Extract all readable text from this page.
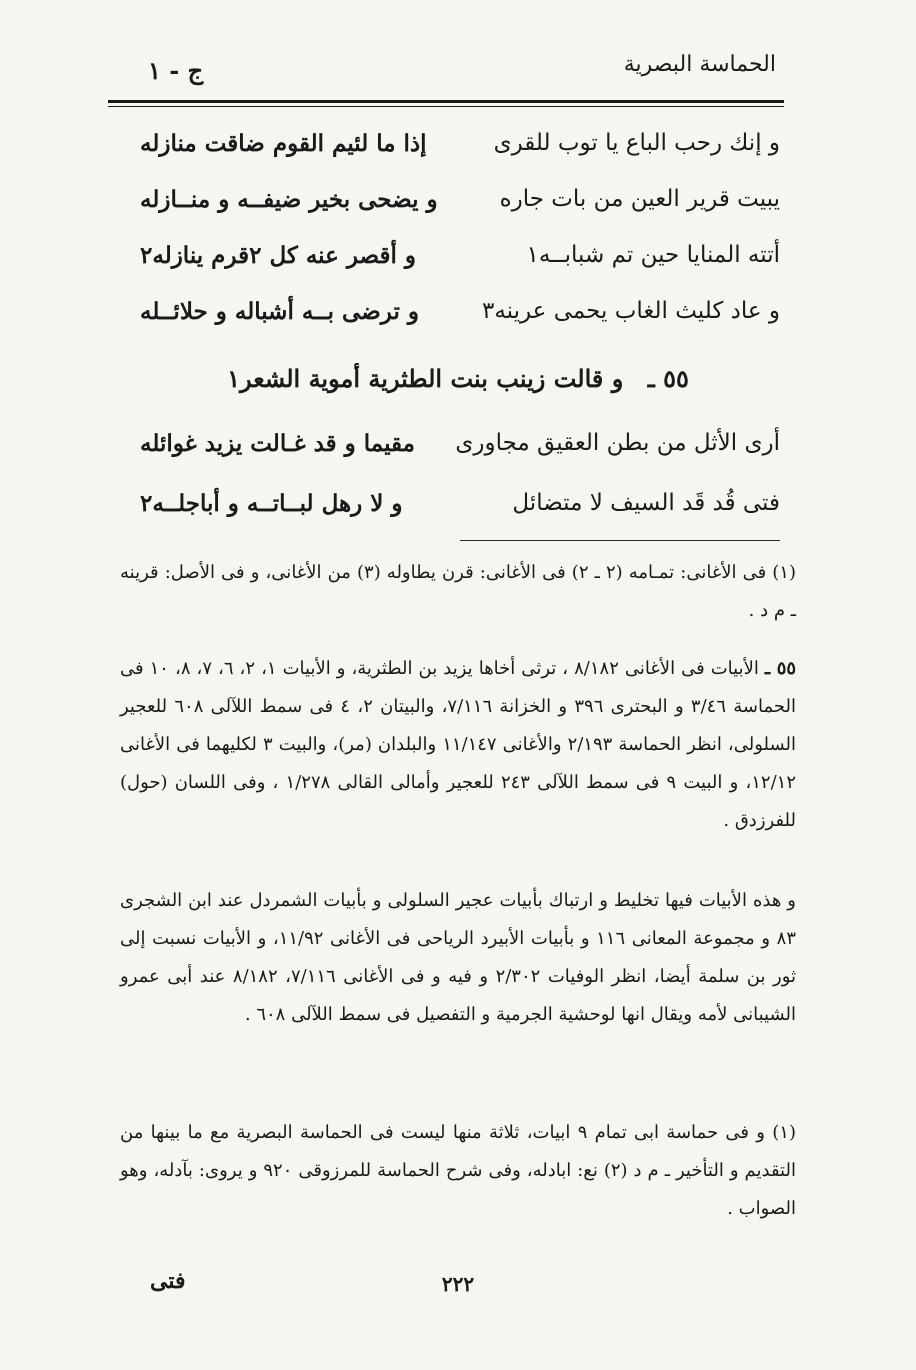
الحماسة البصرية
ج - ١
و إنك رحب الباع يا توب للقرى
إذا ما لئيم القوم ضاقت منازله
يبيت قرير العين من بات جاره
و يضحى بخير ضيفــه و منــازله
أتته المنايا حين تم شبابــه١
و أقصر عنه كل ٢قرم ينازله٢
و عاد كليث الغاب يحمى عرينه٣
و ترضى بــه أشباله و حلائــله
٥٥ ـ و قالت زينب بنت الطثرية أموية الشعر١
أرى الأثل من بطن العقيق مجاورى
مقيما و قد غـالت يزيد غوائله
فتى قُد قَد السيف لا متضائل
و لا رهل لبــاتــه و أباجلــه٢
(١) فى الأغانى: تمـامه (٢ ـ ٢) فى الأغانى: قرن يطاوله (٣) من الأغانى، و فى الأصل: قرينه ـ م د .
٥٥ ـ الأبيات فى الأغانى ٨/١٨٢ ، ترثى أخاها يزيد بن الطثرية، و الأبيات ١، ٢، ٦، ٧، ٨، ١٠ فى الحماسة ٣/٤٦ و البحترى ٣٩٦ و الخزانة ٧/١١٦، والبيتان ٢، ٤ فى سمط اللآلى ٦٠٨ للعجير السلولى، انظر الحماسة ٢/١٩٣ والأغانى ١١/١٤٧ والبلدان (مر)، والبيت ٣ لكليهما فى الأغانى ١٢/١٢، و البيت ٩ فى سمط اللآلى ٢٤٣ للعجير وأمالى القالى ١/٢٧٨ ، وفى اللسان (حول) للفرزدق .
و هذه الأبيات فيها تخليط و ارتباك بأبيات عجير السلولى و بأبيات الشمردل عند ابن الشجرى ٨٣ و مجموعة المعانى ١١٦ و بأبيات الأبيرد الرياحى فى الأغانى ١١/٩٢، و الأبيات نسبت إلى ثور بن سلمة أيضا، انظر الوفيات ٢/٣٠٢ و فيه و فى الأغانى ٧/١١٦، ٨/١٨٢ عند أبى عمرو الشيبانى لأمه ويقال انها لوحشية الجرمية و التفصيل فى سمط اللآلى ٦٠٨ .
(١) و فى حماسة ابى تمام ٩ ابيات، ثلاثة منها ليست فى الحماسة البصرية مع ما بينها من التقديم و التأخير ـ م د (٢) نع: ابادله، وفى شرح الحماسة للمرزوقى ٩٢٠ و يروى: بآدله، وهو الصواب .
٢٢٢
فتى
